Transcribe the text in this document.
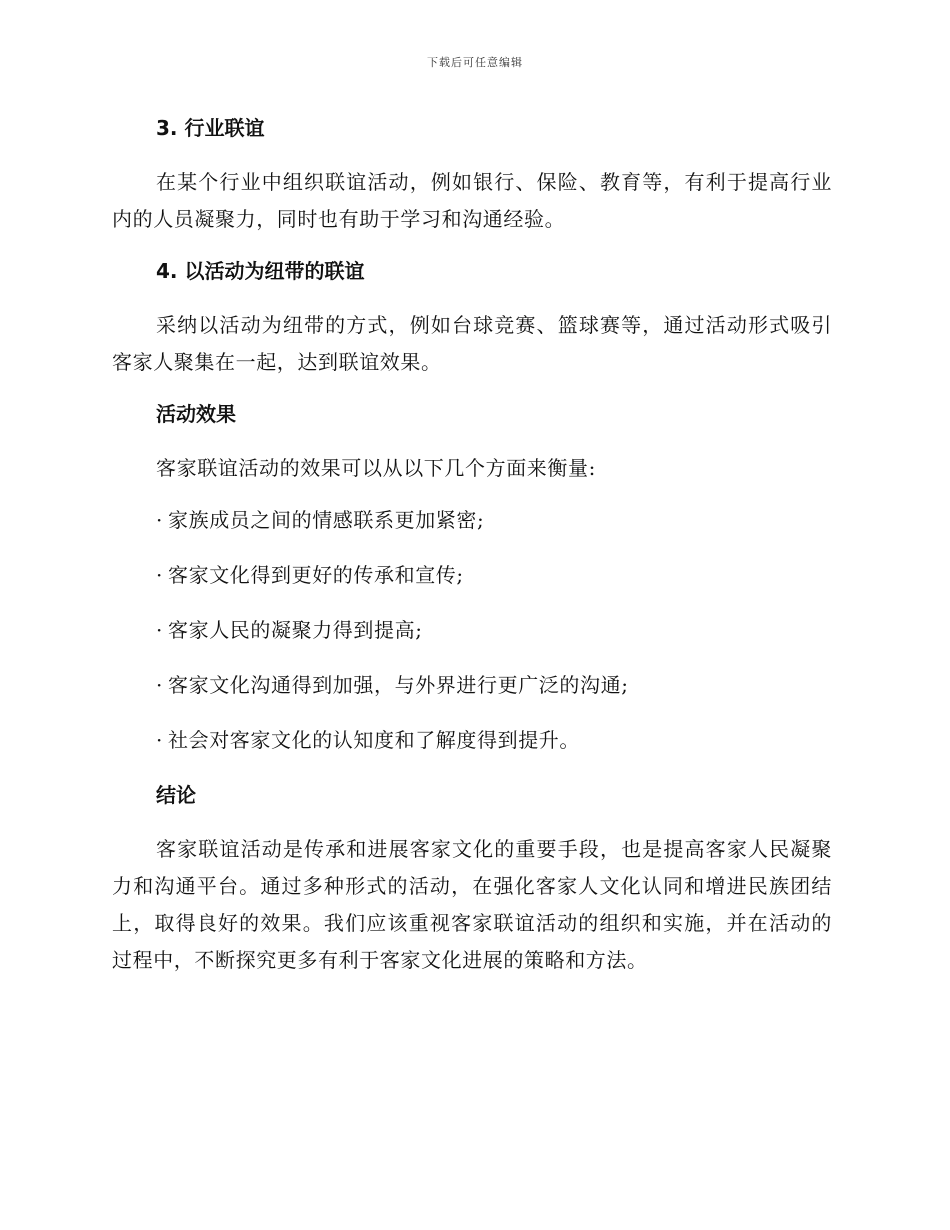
下载后可任意编辑
3. 行业联谊

在某个行业中组织联谊活动，例如银行、保险、教育等，有利于提高行业内的人员凝聚力，同时也有助于学习和沟通经验。

4. 以活动为纽带的联谊

采纳以活动为纽带的方式，例如台球竞赛、篮球赛等，通过活动形式吸引客家人聚集在一起，达到联谊效果。

活动效果

客家联谊活动的效果可以从以下几个方面来衡量:

· 家族成员之间的情感联系更加紧密;
· 客家文化得到更好的传承和宣传;
· 客家人民的凝聚力得到提高;
· 客家文化沟通得到加强，与外界进行更广泛的沟通;
· 社会对客家文化的认知度和了解度得到提升。
结论

客家联谊活动是传承和进展客家文化的重要手段，也是提高客家人民凝聚力和沟通平台。通过多种形式的活动，在强化客家人文化认同和增进民族团结上，取得良好的效果。我们应该重视客家联谊活动的组织和实施，并在活动的过程中，不断探究更多有利于客家文化进展的策略和方法。
